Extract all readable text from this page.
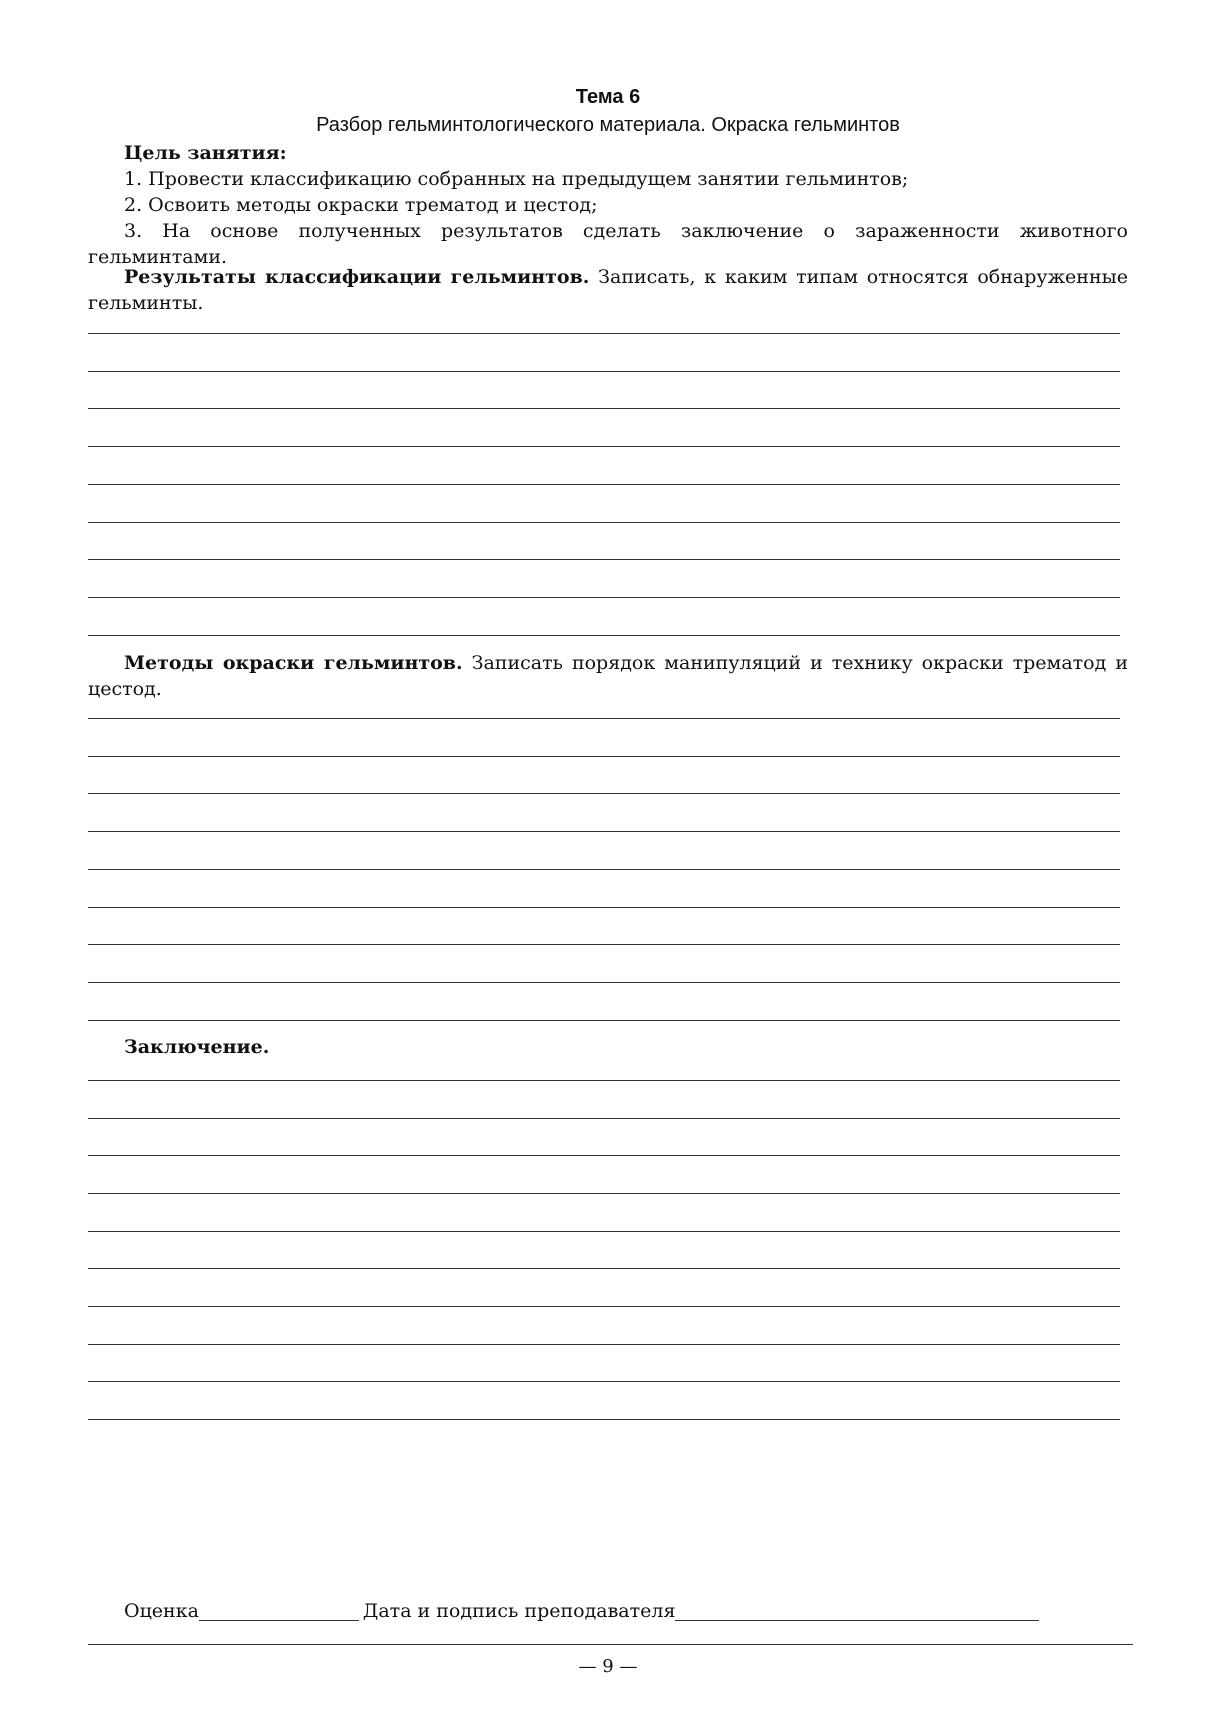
Тема 6
Разбор гельминтологического материала. Окраска гельминтов
Цель занятия:
1. Провести классификацию собранных на предыдущем занятии гельминтов;
2. Освоить методы окраски трематод и цестод;
3. На основе полученных результатов сделать заключение о зараженности животного гельминтами.
Результаты классификации гельминтов. Записать, к каким типам относятся обнаруженные гельминты.
Методы окраски гельминтов. Записать порядок манипуляций и технику окраски трематод и цестод.
Заключение.
Оценка	Дата и подпись преподавателя
— 9 —
